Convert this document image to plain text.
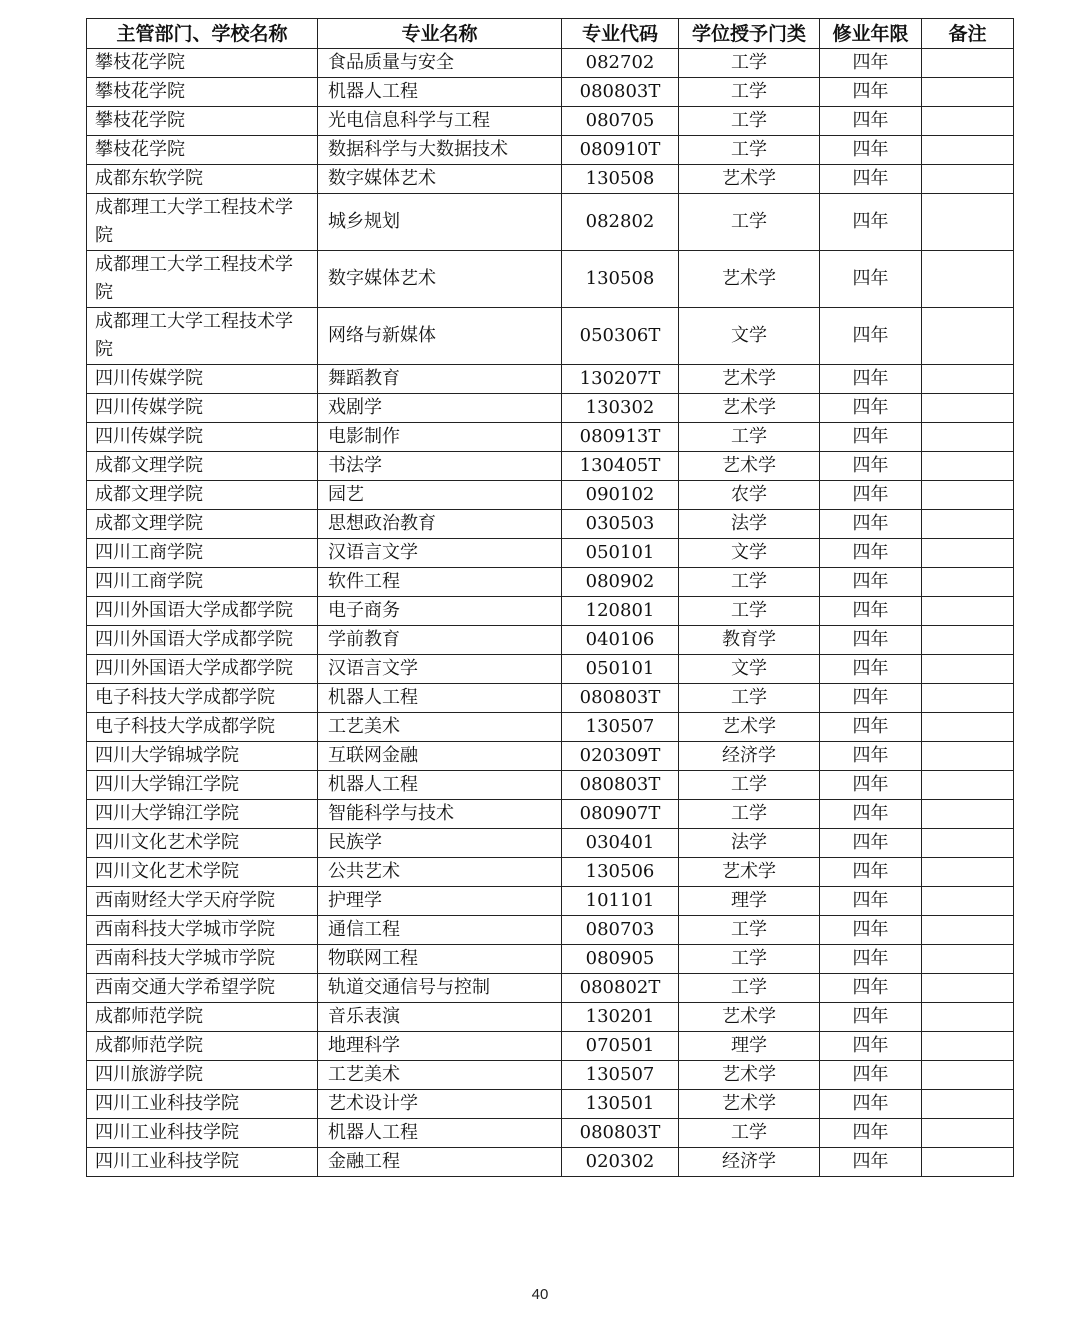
主管部门、学校名称	专业名称	专业代码	学位授予门类	修业年限	备注
攀枝花学院	食品质量与安全	082702	工学	四年	
攀枝花学院	机器人工程	080803T	工学	四年	
攀枝花学院	光电信息科学与工程	080705	工学	四年	
攀枝花学院	数据科学与大数据技术	080910T	工学	四年	
成都东软学院	数字媒体艺术	130508	艺术学	四年	
成都理工大学工程技术学院	城乡规划	082802	工学	四年	
成都理工大学工程技术学院	数字媒体艺术	130508	艺术学	四年	
成都理工大学工程技术学院	网络与新媒体	050306T	文学	四年	
四川传媒学院	舞蹈教育	130207T	艺术学	四年	
四川传媒学院	戏剧学	130302	艺术学	四年	
四川传媒学院	电影制作	080913T	工学	四年	
成都文理学院	书法学	130405T	艺术学	四年	
成都文理学院	园艺	090102	农学	四年	
成都文理学院	思想政治教育	030503	法学	四年	
四川工商学院	汉语言文学	050101	文学	四年	
四川工商学院	软件工程	080902	工学	四年	
四川外国语大学成都学院	电子商务	120801	工学	四年	
四川外国语大学成都学院	学前教育	040106	教育学	四年	
四川外国语大学成都学院	汉语言文学	050101	文学	四年	
电子科技大学成都学院	机器人工程	080803T	工学	四年	
电子科技大学成都学院	工艺美术	130507	艺术学	四年	
四川大学锦城学院	互联网金融	020309T	经济学	四年	
四川大学锦江学院	机器人工程	080803T	工学	四年	
四川大学锦江学院	智能科学与技术	080907T	工学	四年	
四川文化艺术学院	民族学	030401	法学	四年	
四川文化艺术学院	公共艺术	130506	艺术学	四年	
西南财经大学天府学院	护理学	101101	理学	四年	
西南科技大学城市学院	通信工程	080703	工学	四年	
西南科技大学城市学院	物联网工程	080905	工学	四年	
西南交通大学希望学院	轨道交通信号与控制	080802T	工学	四年	
成都师范学院	音乐表演	130201	艺术学	四年	
成都师范学院	地理科学	070501	理学	四年	
四川旅游学院	工艺美术	130507	艺术学	四年	
四川工业科技学院	艺术设计学	130501	艺术学	四年	
四川工业科技学院	机器人工程	080803T	工学	四年	
四川工业科技学院	金融工程	020302	经济学	四年	
40
